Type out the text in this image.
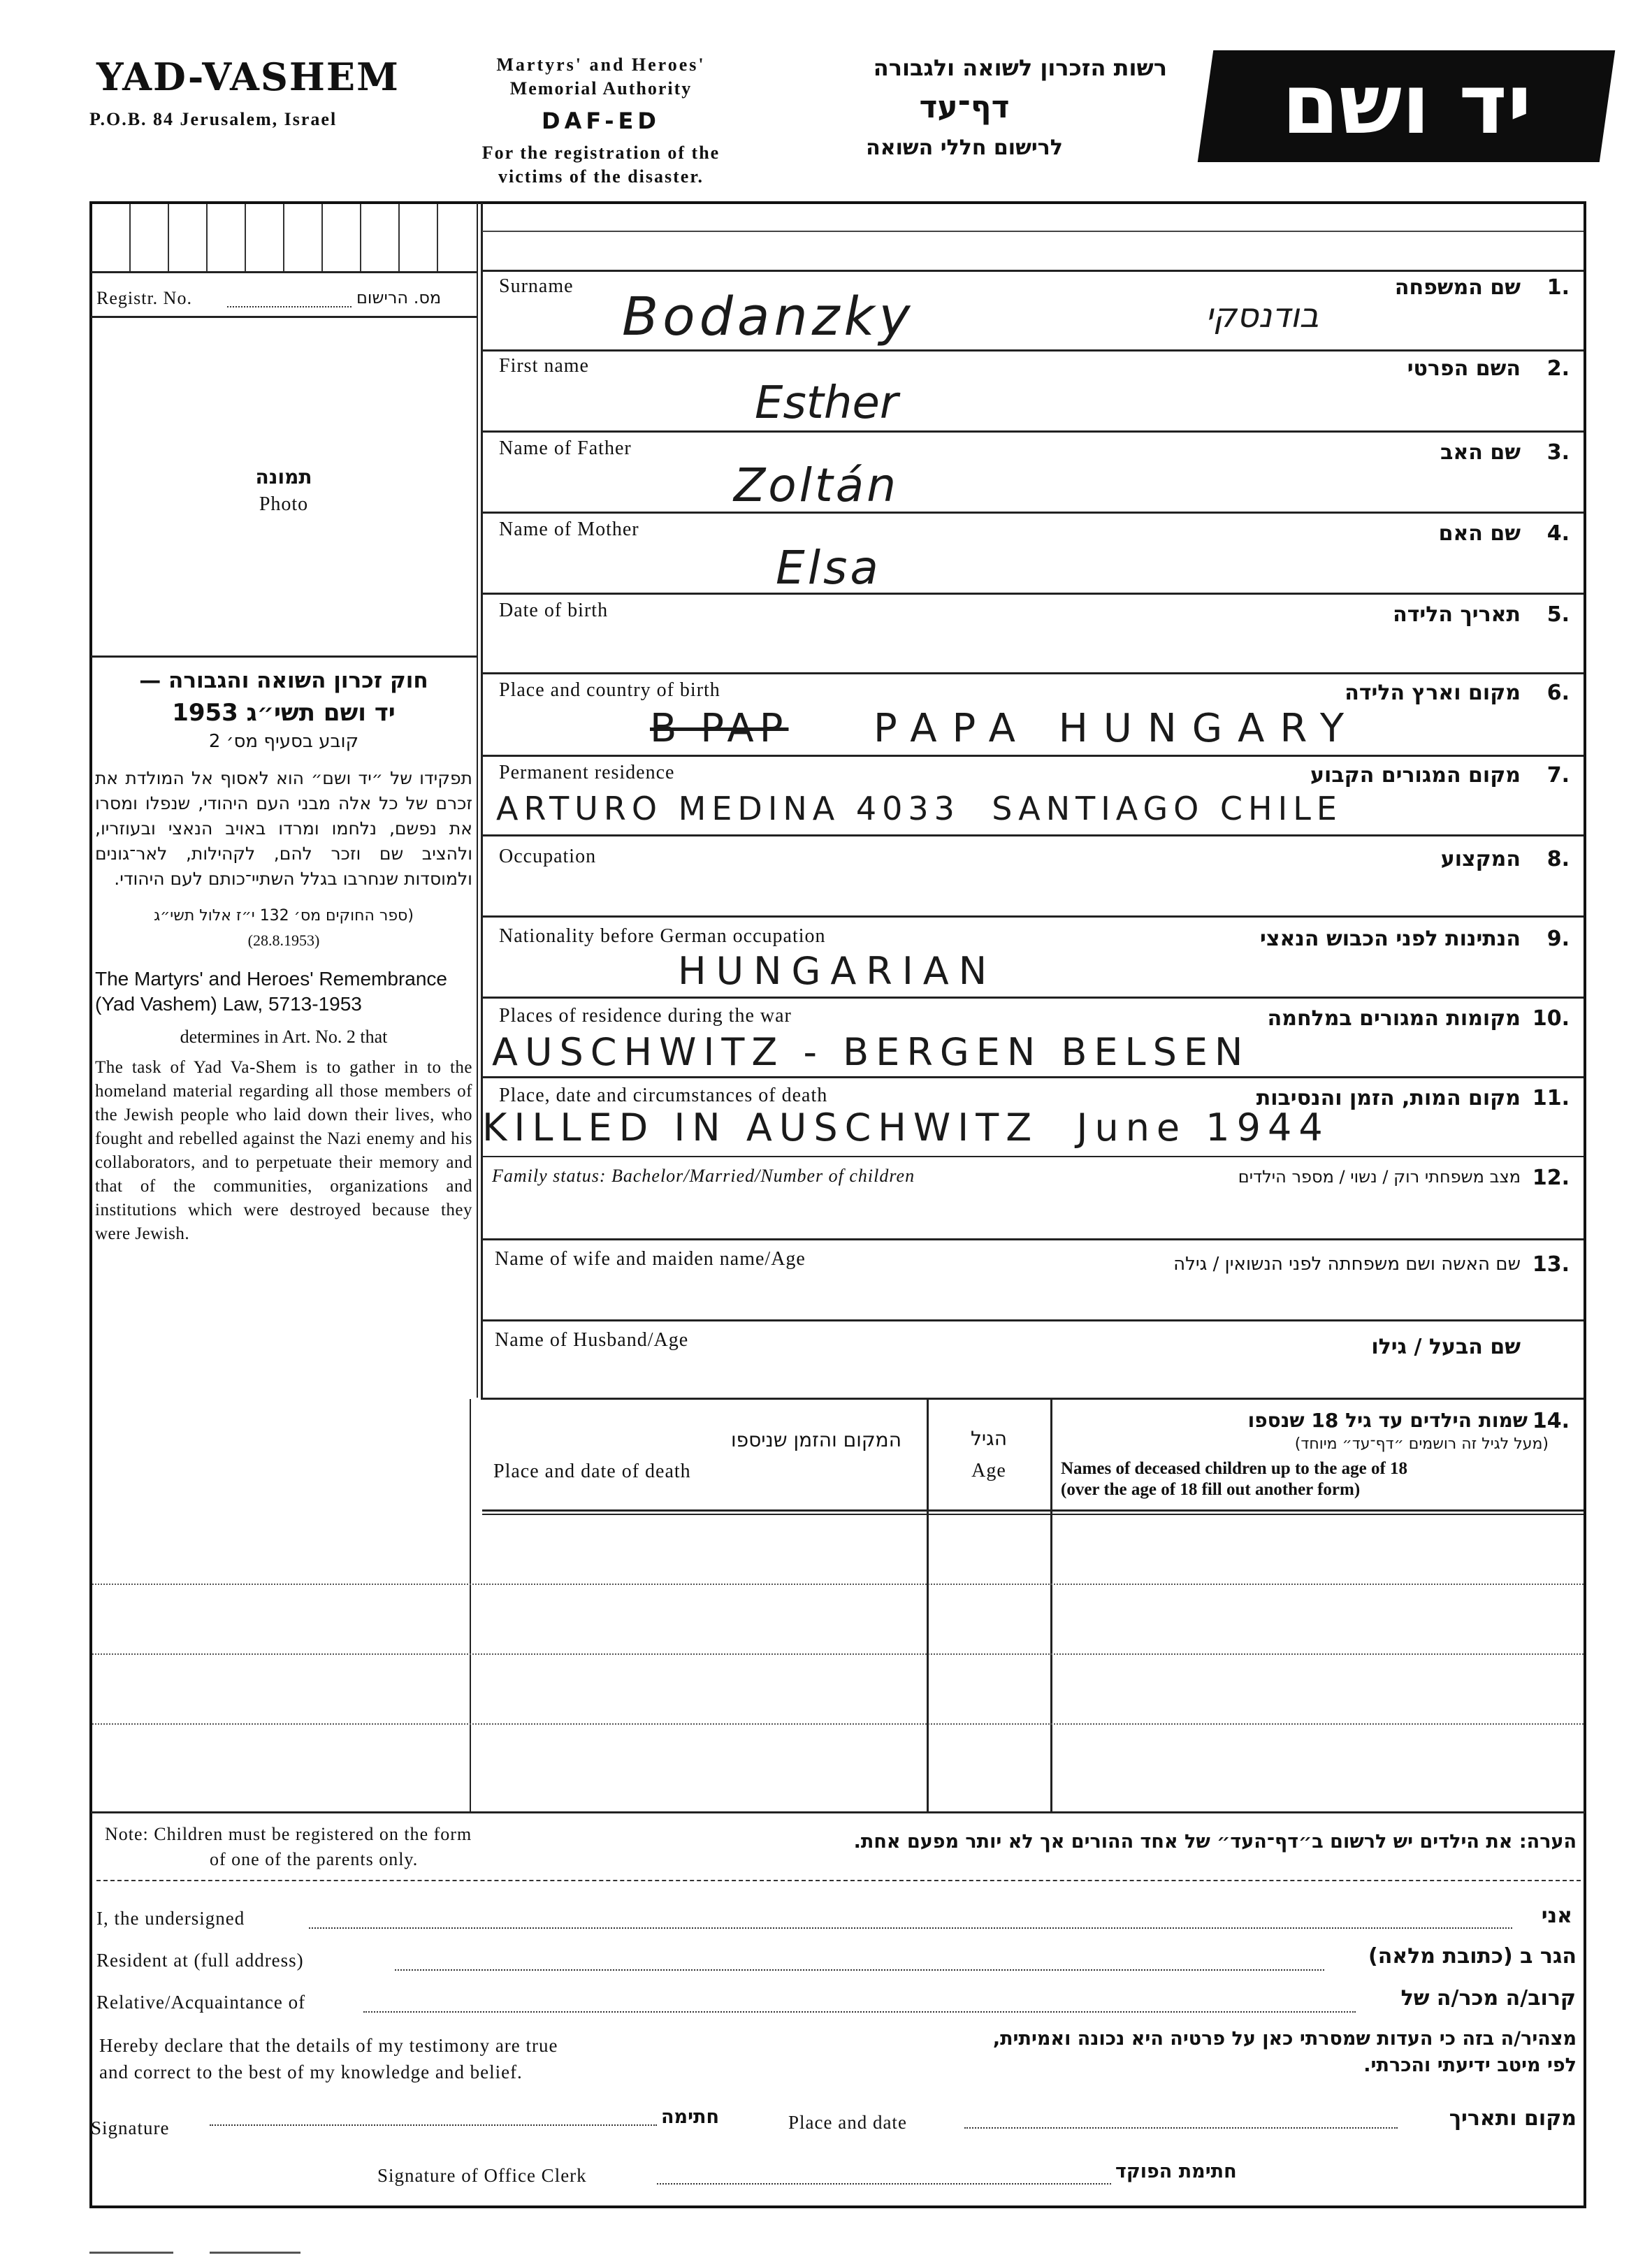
YAD-VASHEM
P.O.B. 84 Jerusalem, Israel
Martyrs' and Heroes'
Memorial Authority
DAF-ED
For the registration of the
victims of the disaster.
רשות הזכרון לשואה ולגבורה
דף־עד
לרישום חללי השואה	יד ושם
Registr. No.	מס. הרישום
תמונה
Photo
חוק זכרון השואה והגבורה —
יד ושם תשי״ג 1953
קובע בסעיף מס׳ 2
תפקידו של ״יד ושם״ הוא לאסוף אל המולדת את זכרם של כל אלה מבני העם היהודי, שנפלו ומסרו את נפשם, נלחמו ומרדו באויב הנאצי ובעוזריו, ולהציב שם וזכר להם, לקהילות, לאר־גונים ולמוסדות שנחרבו בגלל השתיי־כותם לעם היהודי.
(ספר החוקים מס׳ 132 י״ז אלול תשי״ג
(28.8.1953)
The Martyrs' and Heroes' Remembrance (Yad Vashem) Law, 5713-1953
determines in Art. No. 2 that
The task of Yad Va-Shem is to gather in to the homeland material regarding all those members of the Jewish people who laid down their lives, who fought and rebelled against the Nazi enemy and his collaborators, and to perpetuate their memory and that of the communities, organizations and institutions which were destroyed because they were Jewish.
Surname	שם המשפחה 1.
Bodanzky	בודנסקי
First name	השם הפרטי 2.
Esther
Name of Father	שם האב 3.
Zoltán
Name of Mother	שם האם 4.
Elsa
Date of birth	תאריך הלידה 5.
Place and country of birth	מקום וארץ הלידה 6.
B PAP PAPA HUNGARY
Permanent residence	מקום המגורים הקבוע 7.
ARTURO MEDINA 4033  SANTIAGO CHILE
Occupation	המקצוע 8.
Nationality before German occupation	הנתינות לפני הכבוש הנאצי 9.
HUNGARIAN
Places of residence during the war	מקומות המגורים במלחמה 10.
AUSCHWITZ - BERGEN BELSEN
Place, date and circumstances of death	מקום המות, הזמן והנסיבות 11.
KILLED IN AUSCHWITZ  June 1944
Family status: Bachelor/Married/Number of children	מצב משפחתי רוק / נשוי / מספר הילדים 12.
Name of wife and maiden name/Age	שם האשה ושם משפחתה לפני הנשואין / גילה 13.
Name of Husband/Age	שם הבעל / גילו
המקום והזמן שניספו
Place and date of death
הגיל
Age
14.
שמות הילדים עד גיל 18 שנספו
(מעל לגיל זה רושמים ״דף־עד״ מיוחד)
Names of deceased children up to the age of 18
(over the age of 18 fill out another form)
Note: Children must be registered on the form
of one of the parents only.
הערה: את הילדים יש לרשום ב״דף־העד״ של אחד ההורים אך לא יותר מפעם אחת.
I, the undersigned	אני
Resident at (full address)	הגר ב (כתובת מלאה)
Relative/Acquaintance of	קרוב/ה מכר/ה של
Hereby declare that the details of my testimony are true
and correct to the best of my knowledge and belief.
מצהיר/ה בזה כי העדות שמסרתי כאן על פרטיה היא נכונה ואמיתית,
לפי מיטב ידיעתי והכרתי.
Signature	חתימה	Place and date	מקום ותאריך
Signature of Office Clerk	חתימת הפוקד
